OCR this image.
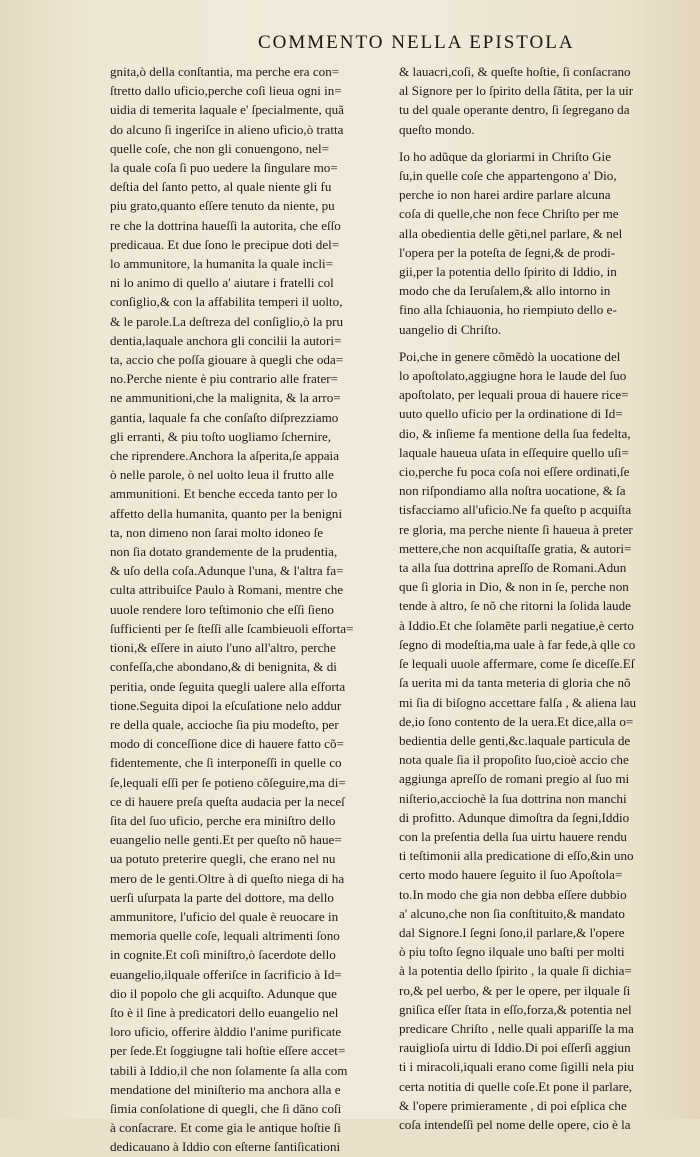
COMMENTO NELLA EPISTOLA
gnita,ò della conſtantia, ma perche era con=
ſtretto dallo uficio,perche coſi lieua ogni in=
uidia di temerita laquale e' ſpecialmente, quã
do alcuno ſi ingeriſce in alieno uficio,ò tratta
quelle coſe, che non gli conuengono, nel=
la quale coſa ſi puo uedere la ſingulare mo=
deſtia del ſanto petto, al quale niente gli fu
piu grato,quanto eſſere tenuto da niente, pu
re che la dottrina haueſſi la autorita, che eſſo
predicaua. Et due ſono le precipue doti del=
lo ammunitore, la humanita la quale incli=
ni lo animo di quello a' aiutare i fratelli col
conſiglio,& con la affabilita temperi il uolto,
& le parole.La deſtreza del conſiglio,ò la pru
dentia,laquale anchora gli concilii la autori=
ta, accio che poſſa giouare à quegli che oda=
no.Perche niente è piu contrario alle frater=
ne ammunitioni,che la malignita, & la arro=
gantia, laquale fa che conſaſto diſprezziamo
gli erranti, & piu toſto uogliamo ſchernire,
che riprendere.Anchora la aſperita,ſe appaia
ò nelle parole, ò nel uolto leua il frutto alle
ammunitioni. Et benche ecceda tanto per lo
affetto della humanita, quanto per la benigni
ta, non dimeno non ſarai molto idoneo ſe
non ſia dotato grandemente de la prudentia,
& uſo della coſa.Adunque l'una, & l'altra fa=
culta attribuiſce Paulo à Romani, mentre che
uuole rendere loro teſtimonio che eſſi ſieno
ſufficienti per ſe ſteſſi alle ſcambieuoli eſforta=
tioni,& eſſere in aiuto l'uno all'altro, perche
confeſſa,che abondano,& di benignita, & di
peritia, onde ſeguita quegli ualere alla eſforta
tione.Seguita dipoi la eſcuſatione nelo addur
re della quale, accioche ſia piu modeſto, per
modo di conceſſione dice di hauere fatto cõ=
fidentemente, che ſi interponeſſi in quelle co
ſe,lequali eſſi per ſe potieno cõſeguire,ma di=
ce di hauere preſa queſta audacia per la neceſ
ſita del ſuo uficio, perche era miniſtro dello
euangelio nelle genti.Et per queſto nõ haue=
ua potuto preterire quegli, che erano nel nu
mero de le genti.Oltre à di queſto niega di ha
uerſi uſurpata la parte del dottore, ma dello
ammunitore, l'uficio del quale è reuocare in
memoria quelle coſe, lequali altrimenti ſono
in cognite.Et coſi miniſtro,ò ſacerdote dello
euangelio,ilquale offeriſce in ſacrificio à Id=
dio il popolo che gli acquiſto. Adunque que
ſto è il ſine à predicatori dello euangelio nel
loro uficio, offerire àlddio l'anime purificate
per ſede.Et ſoggiugne tali hoſtie eſſere accet=
tabili à Iddio,il che non ſolamente ſa alla com
mendatione del miniſterio ma anchora alla e
ſimia conſolatione di quegli, che ſi dãno coſi
à conſacrare. Et come gia le antique hoſtie ſi
dedicauano à Iddio con eſterne ſantiſicationi
& lauacri,coſi, & queſte hoſtie, ſi conſacrano
al Signore per lo ſpirito della ſãtita, per la uir
tu del quale operante dentro, ſi ſegregano da
queſto mondo.
Io ho adũque da gloriarmi in Chriſto Gie
ſu,in quelle coſe che appartengono a' Dio,
perche io non harei ardire parlare alcuna
coſa di quelle,che non fece Chriſto per me
alla obedientia delle gẽti,nel parlare, & nel
l'opera per la poteſta de ſegni,& de prodi-
gii,per la potentia dello ſpirito di Iddio, in
modo che da Ieruſalem,& allo intorno in
fino alla ſchiauonia, ho riempiuto dello e-
uangelio di Chriſto.
Poi,che in genere cõmẽdò la uocatione del
lo apoſtolato,aggiugne hora le laude del ſuo
apoſtolato, per lequali proua di hauere rice=
uuto quello uficio per la ordinatione di Id=
dio, & inſieme fa mentione della ſua fedelta,
laquale haueua uſata in eſſequire quello uſi=
cio,perche fu poca coſa noi eſſere ordinati,ſe
non riſpondiamo alla noſtra uocatione, & ſa
tisfacciamo all'uficio.Ne fa queſto p acquiſta
re gloria, ma perche niente ſi haueua à preter
mettere,che non acquiſtaſſe gratia, & autori=
ta alla ſua dottrina apreſſo de Romani.Adun
que ſi gloria in Dio, & non in ſe, perche non
tende à altro, ſe nõ che ritorni la ſolida laude
à Iddio.Et che ſolamẽte parli negatiue,è certo
ſegno di modeſtia,ma uale à far fede,à qlle co
ſe lequali uuole affermare, come ſe diceſſe.Eſ
ſa uerita mi da tanta meteria di gloria che nõ
mi ſia di biſogno accettare falſa , & aliena lau
de,io ſono contento de la uera.Et dice,alla o=
bedientia delle genti,&c.laquale particula de
nota quale ſia il propoſito ſuo,cioè accio che
aggiunga apreſſo de romani pregio al ſuo mi
niſterio,acciochè la ſua dottrina non manchi
di profitto. Adunque dimoſtra da ſegni,Iddio
con la preſentia della ſua uirtu hauere rendu
ti teſtimonii alla predicatione di eſſo,&in uno
certo modo hauere ſeguito il ſuo Apoſtola=
to.In modo che gia non debba eſſere dubbio
a' alcuno,che non ſia conſtituito,& mandato
dal Signore.I ſegni ſono,il parlare,& l'opere
ò piu toſto ſegno ilquale uno baſti per molti
à la potentia dello ſpirito , la quale ſi dichia=
ro,& pel uerbo, & per le opere, per ilquale ſi
gniſica eſſer ſtata in eſſo,forza,& potentia nel
predicare Chriſto , nelle quali appariſſe la ma
rauiglioſa uirtu di Iddio.Di poi eſſerſi aggiun
ti i miracoli,iquali erano come ſigilli nela piu
certa notitia di quelle coſe.Et pone il parlare,
& l'opere primieramente , di poi eſplica che
coſa intendeſſi pel nome delle opere, cio è la
